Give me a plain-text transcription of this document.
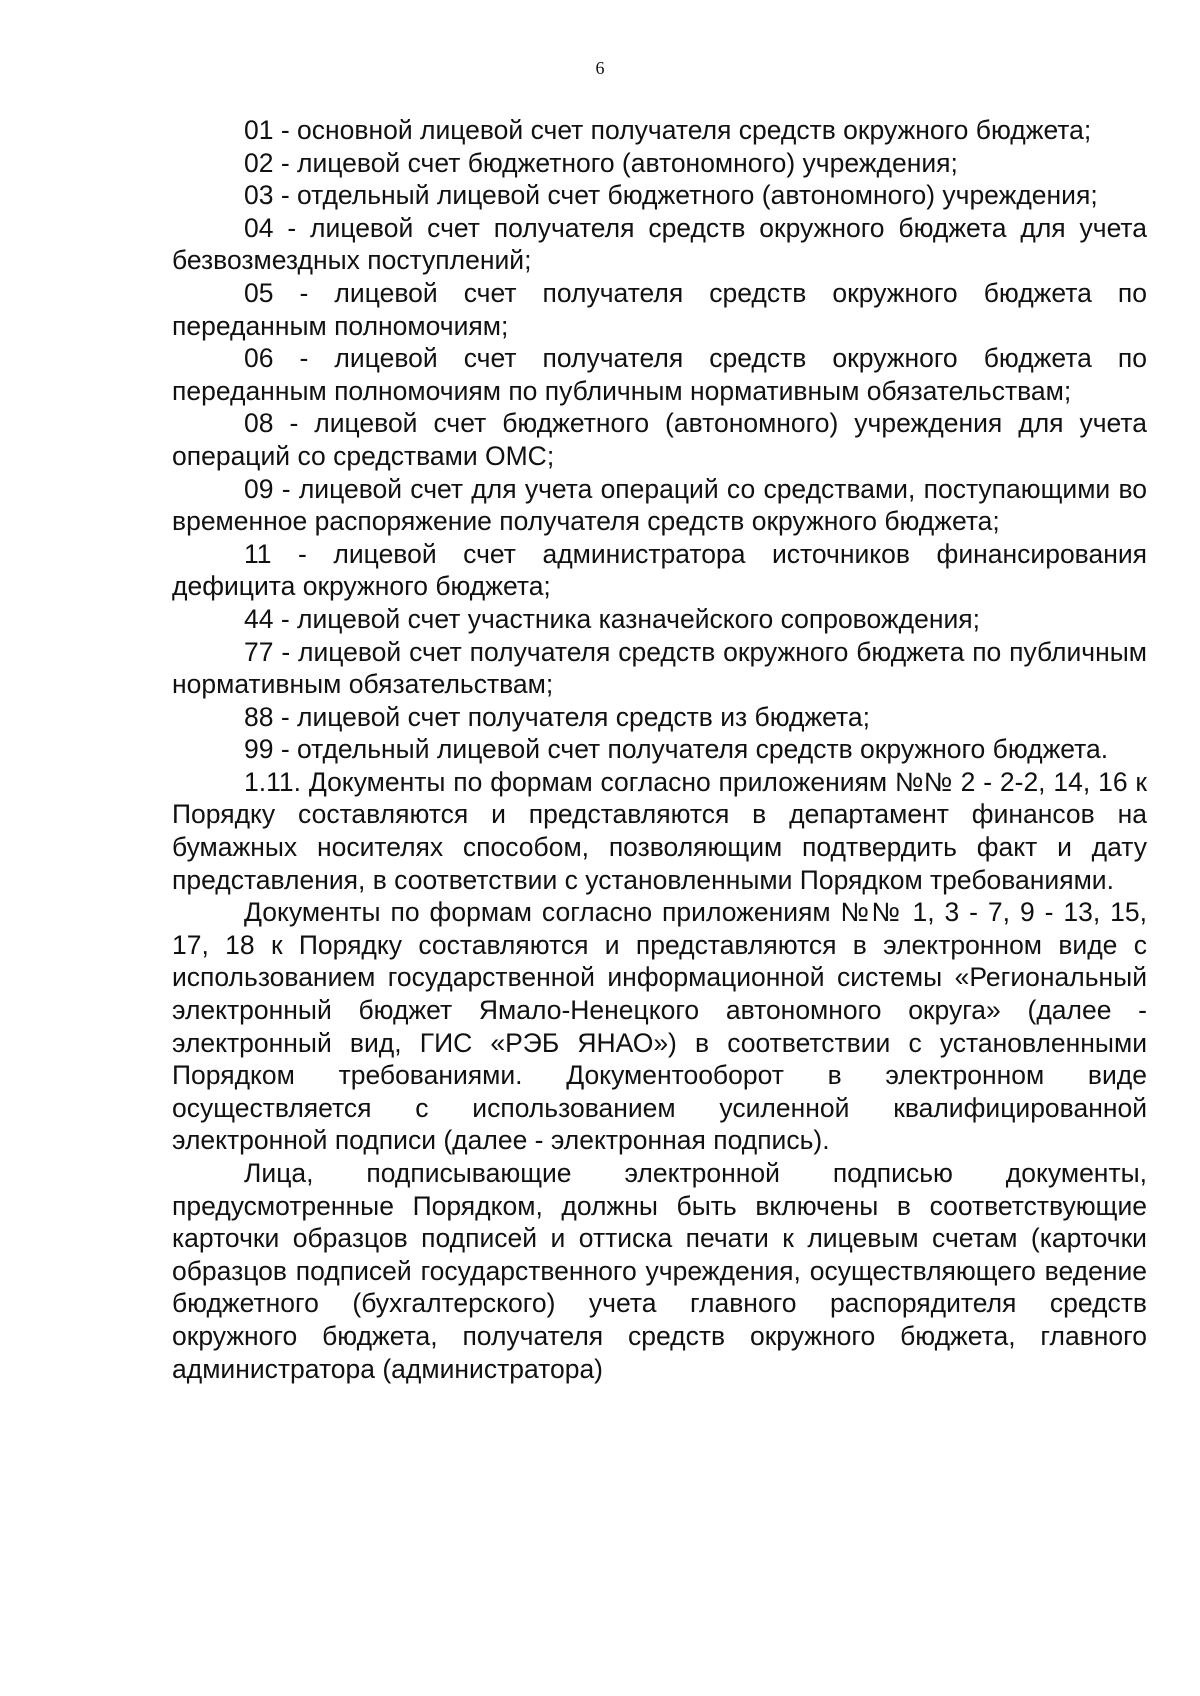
6

01 - основной лицевой счет получателя средств окружного бюджета;

02 - лицевой счет бюджетного (автономного) учреждения;

03 - отдельный лицевой счет бюджетного (автономного) учреждения;

04 - лицевой счет получателя средств окружного бюджета для учета безвозмездных поступлений;

05 - лицевой счет получателя средств окружного бюджета по переданным полномочиям;

06 - лицевой счет получателя средств окружного бюджета по переданным полномочиям по публичным нормативным обязательствам;

08 - лицевой счет бюджетного (автономного) учреждения для учета операций со средствами ОМС;

09 - лицевой счет для учета операций со средствами, поступающими во временное распоряжение получателя средств окружного бюджета;

11 - лицевой счет администратора источников финансирования дефицита окружного бюджета;

44 - лицевой счет участника казначейского сопровождения;

77 - лицевой счет получателя средств окружного бюджета по публичным нормативным обязательствам;

88 - лицевой счет получателя средств из бюджета;

99 - отдельный лицевой счет получателя средств окружного бюджета.

1.11. Документы по формам согласно приложениям №№ 2 - 2-2, 14, 16 к Порядку составляются и представляются в департамент финансов на бумажных носителях способом, позволяющим подтвердить факт и дату представления, в соответствии с установленными Порядком требованиями.

Документы по формам согласно приложениям №№ 1, 3 - 7, 9 - 13, 15, 17, 18 к Порядку составляются и представляются в электронном виде с использованием государственной информационной системы «Региональный электронный бюджет Ямало-Ненецкого автономного округа» (далее - электронный вид, ГИС «РЭБ ЯНАО») в соответствии с установленными Порядком требованиями. Документооборот в электронном виде осуществляется с использованием усиленной квалифицированной электронной подписи (далее - электронная подпись).

Лица, подписывающие электронной подписью документы, предусмотренные Порядком, должны быть включены в соответствующие карточки образцов подписей и оттиска печати к лицевым счетам (карточки образцов подписей государственного учреждения, осуществляющего ведение бюджетного (бухгалтерского) учета главного распорядителя средств окружного бюджета, получателя средств окружного бюджета, главного администратора (администратора)
